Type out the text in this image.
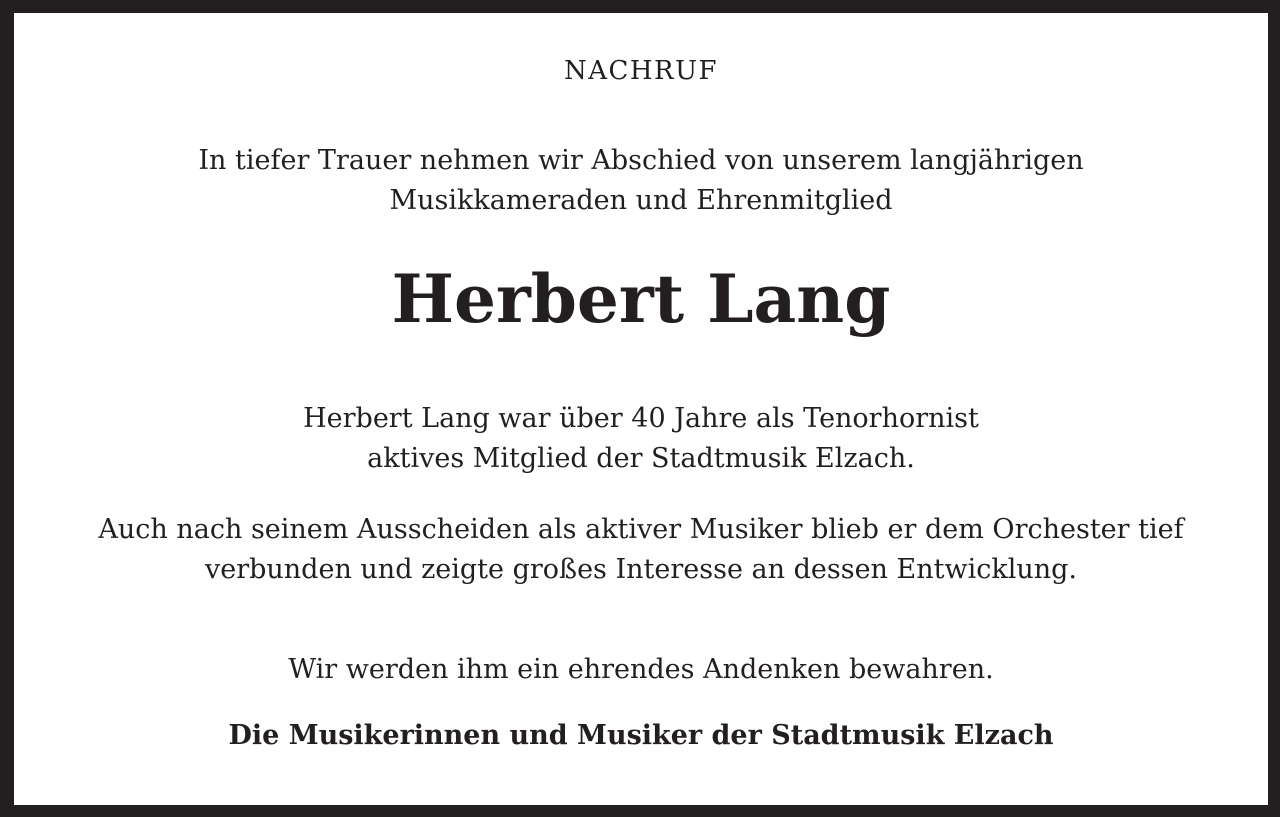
NACHRUF
In tiefer Trauer nehmen wir Abschied von unserem langjährigen
Musikkameraden und Ehrenmitglied
Herbert Lang
Herbert Lang war über 40 Jahre als Tenorhornist
aktives Mitglied der Stadtmusik Elzach.
Auch nach seinem Ausscheiden als aktiver Musiker blieb er dem Orchester tief
verbunden und zeigte großes Interesse an dessen Entwicklung.
Wir werden ihm ein ehrendes Andenken bewahren.
Die Musikerinnen und Musiker der Stadtmusik Elzach
